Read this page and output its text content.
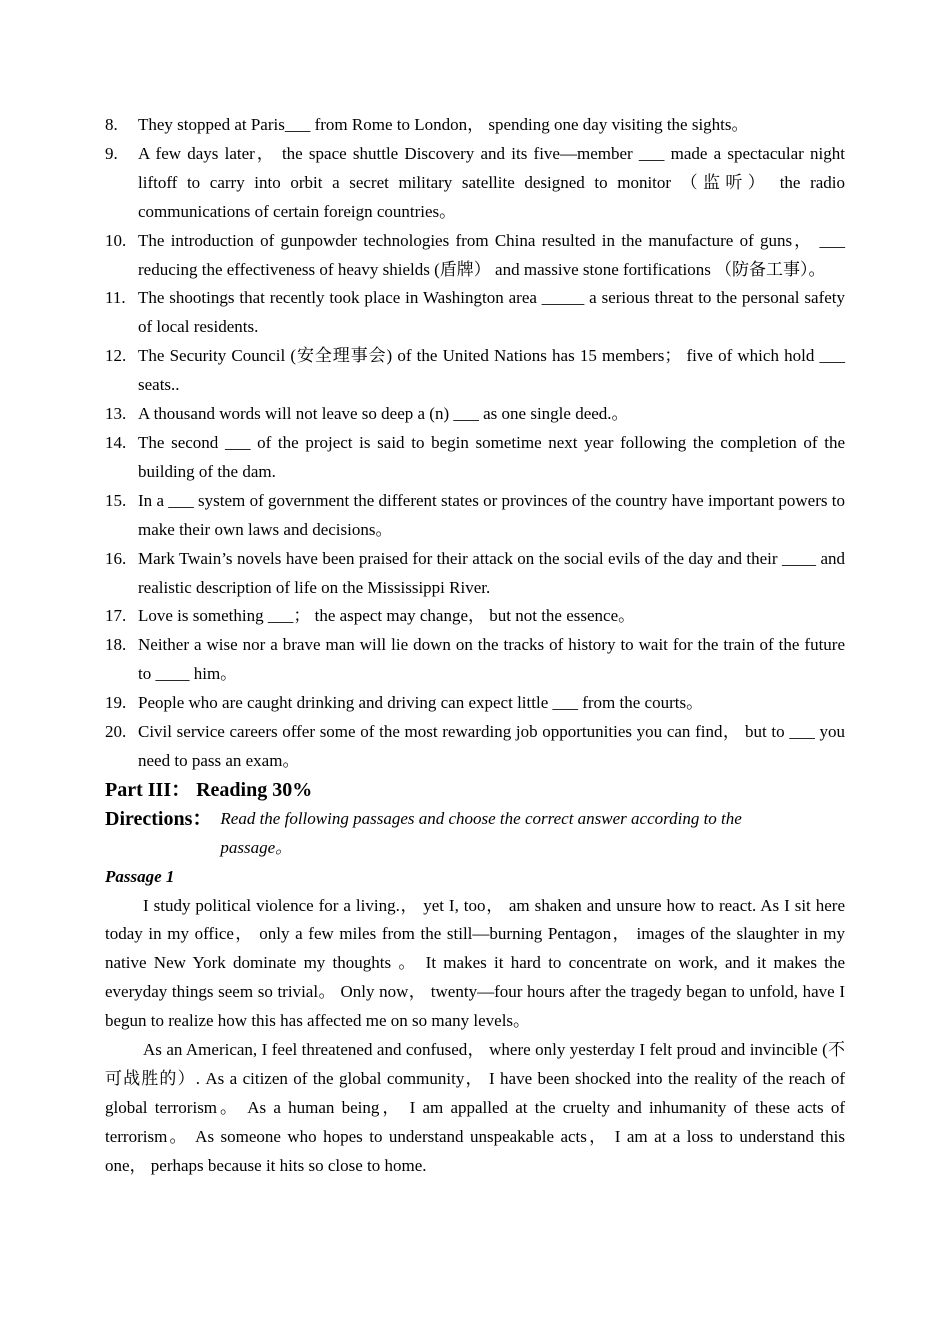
8.	They stopped at Paris___ from Rome to London， spending one day visiting the sights。
9.	A few days later， the space shuttle Discovery and its five—member ___ made a spectacular night liftoff to carry into orbit a secret military satellite designed to monitor （监听） the radio communications of certain foreign countries。
10. The introduction of gunpowder technologies from China resulted in the manufacture of guns， ___ reducing the effectiveness of heavy shields (盾牌） and massive stone fortifications （防备工事）。
11. The shootings that recently took place in Washington area _____ a serious threat to the personal safety of local residents.
12. The Security Council (安全理事会) of the United Nations has 15 members； five of which hold ___ seats..
13. A thousand words will not leave so deep a (n) ___ as one single deed.。
14. The second ___ of the project is said to begin sometime next year following the completion of the building of the dam.
15. In a ___ system of government the different states or provinces of the country have important powers to make their own laws and decisions。
16. Mark Twain’s novels have been praised for their attack on the social evils of the day and their ____ and realistic description of life on the Mississippi River.
17. Love is something ___； the aspect may change， but not the essence。
18. Neither a wise nor a brave man will lie down on the tracks of history to wait for the train of the future to ____ him。
19. People who are caught drinking and driving can expect little ___ from the courts。
20. Civil service careers offer some of the most rewarding job opportunities you can find， but to ___ you need to pass an exam。
Part III： Reading 30%
Directions： Read the following passages and choose the correct answer according to the
passage。
Passage 1
I study political violence for a living.， yet I, too， am shaken and unsure how to react. As I sit here today in my office， only a few miles from the still—burning Pentagon， images of the slaughter in my native New York dominate my thoughts 。 It makes it hard to concentrate on work, and it makes the everyday things seem so trivial。 Only now， twenty—four hours after the tragedy began to unfold, have I begun to realize how this has affected me on so many levels。
As an American, I feel threatened and confused， where only yesterday I felt proud and invincible (不可战胜的）. As a citizen of the global community， I have been shocked into the reality of the reach of global terrorism。 As a human being， I am appalled at the cruelty and inhumanity of these acts of terrorism。 As someone who hopes to understand unspeakable acts， I am at a loss to understand this one， perhaps because it hits so close to home.
